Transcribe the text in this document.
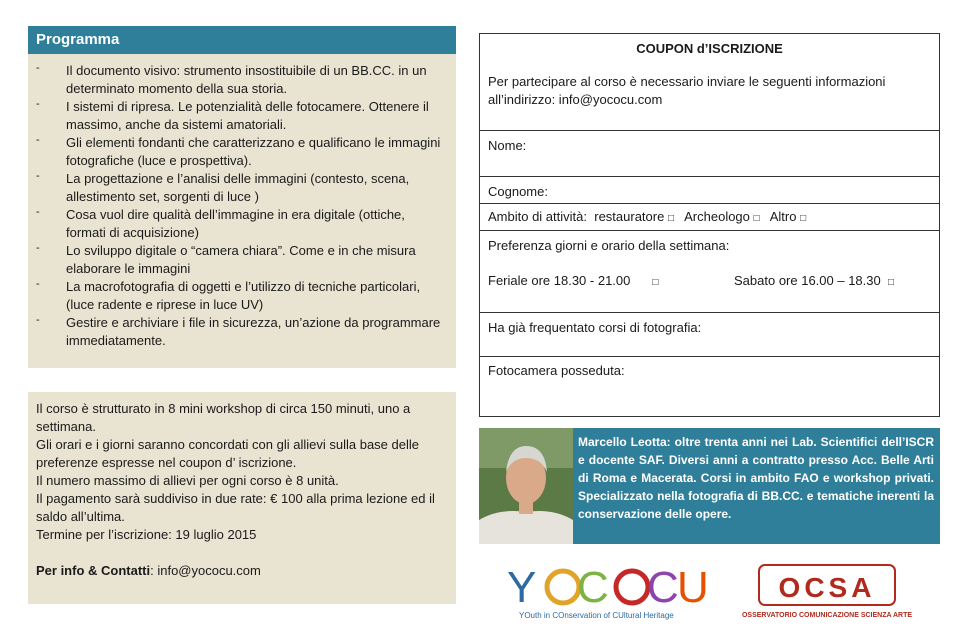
Programma
-	Il documento visivo: strumento insostituibile di un BB.CC. in un determinato momento della sua storia.
-	I sistemi di ripresa. Le potenzialità delle fotocamere. Ottenere il massimo, anche da sistemi amatoriali.
-	Gli elementi fondanti che caratterizzano e qualificano le immagini fotografiche (luce e prospettiva).
-	La progettazione e l’analisi delle immagini (contesto, scena, allestimento set, sorgenti di luce )
-	Cosa vuol dire qualità dell’immagine in era digitale (ottiche, formati di acquisizione)
-	Lo sviluppo digitale o “camera chiara”. Come e in che misura elaborare le immagini
-	La macrofotografia di oggetti e l’utilizzo di tecniche particolari, (luce radente e riprese in luce UV)
-	Gestire e archiviare i file in sicurezza, un’azione da programmare immediatamente.

Il corso è strutturato in 8 mini workshop di circa 150 minuti, uno a settimana.

Gli orari e i giorni saranno concordati con gli allievi sulla base delle preferenze espresse nel coupon d’ iscrizione.

Il numero massimo di allievi per ogni corso è 8 unità.

Il pagamento sarà suddiviso in due rate: € 100 alla prima lezione ed il saldo all’ultima.

Termine per l’iscrizione: 19 luglio 2015

Per info & Contatti: info@yococu.com

COUPON d’ISCRIZIONE
Per partecipare al corso è necessario inviare le seguenti informazioni all’indirizzo: info@yococu.com
Nome:
Cognome:
Ambito di attività: restauratore □ Archeologo □ Altro □
Preferenza giorni e orario della settimana:
Feriale ore 18.30 - 21.00 □	Sabato ore 16.00 – 18.30 □
Ha già frequentato corsi di fotografia:
Fotocamera posseduta:
Marcello Leotta: oltre trenta anni nei Lab. Scientifici dell’ISCR e docente SAF. Diversi anni a contratto presso Acc. Belle Arti di Roma e Macerata. Corsi in ambito FAO e workshop privati. Specializzato nella fotografia di BB.CC. e tematiche inerenti la conservazione delle opere.
Y C C
U
YOuth in COnservation of CUltural Heritage
OCSA
OSSERVATORIO COMUNICAZIONE SCIENZA ARTE
